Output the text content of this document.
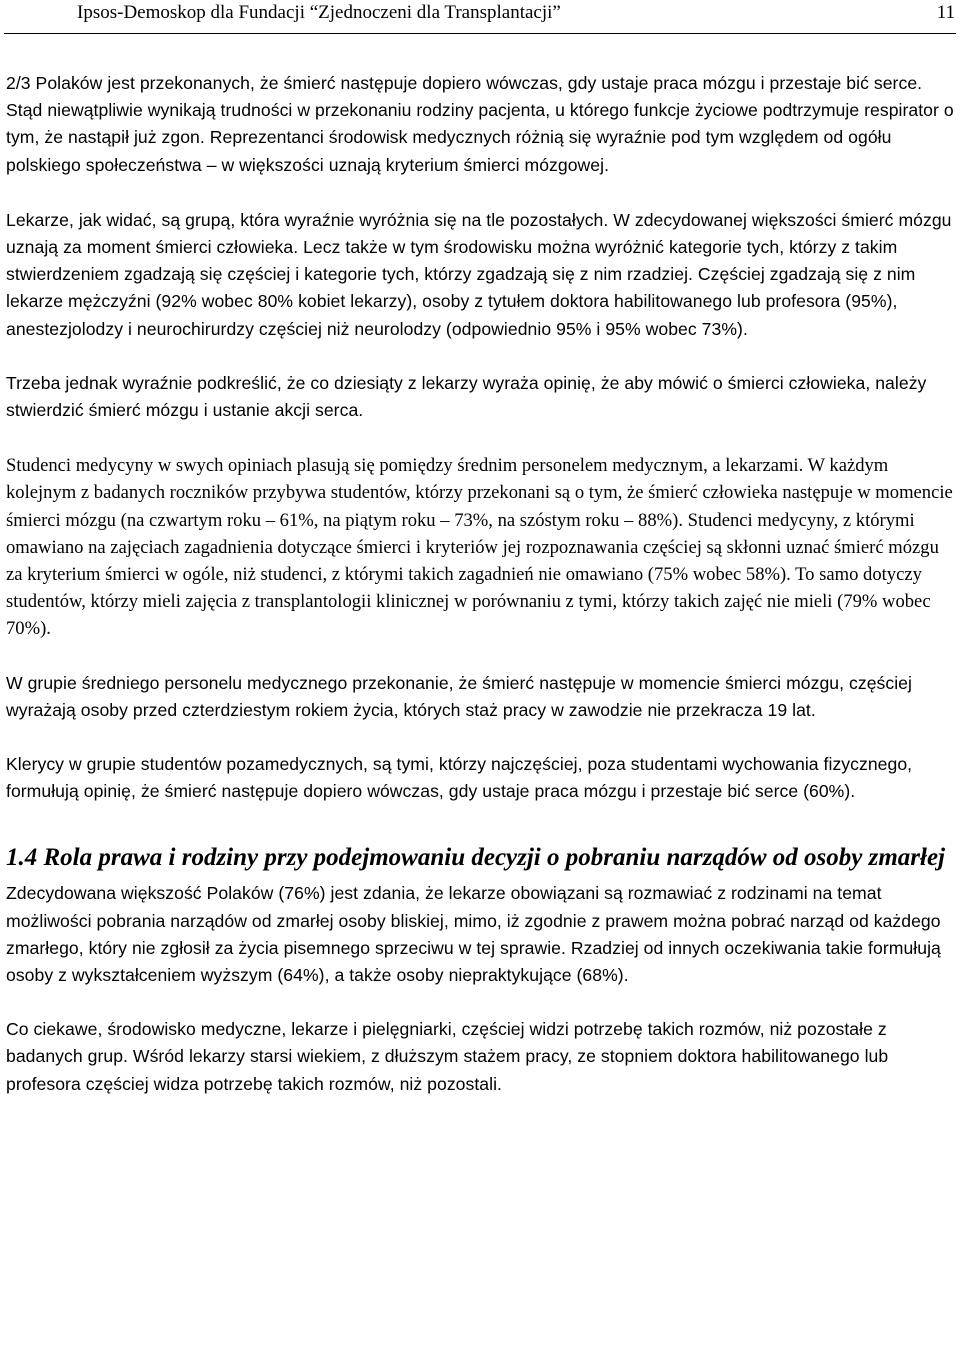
Ipsos-Demoskop dla Fundacji “Zjednoczeni dla Transplantacji”	11

2/3 Polaków jest przekonanych, że śmierć następuje dopiero wówczas, gdy ustaje praca mózgu i przestaje bić serce. Stąd niewątpliwie wynikają trudności w przekonaniu rodziny pacjenta, u którego funkcje życiowe podtrzymuje respirator o tym, że nastąpił już zgon. Reprezentanci środowisk medycznych różnią się wyraźnie pod tym względem od ogółu polskiego społeczeństwa – w większości uznają kryterium śmierci mózgowej.

Lekarze, jak widać, są grupą, która wyraźnie wyróżnia się na tle pozostałych. W zdecydowanej większości śmierć mózgu uznają za moment śmierci człowieka. Lecz także w tym środowisku można wyróżnić kategorie tych, którzy z takim stwierdzeniem zgadzają się częściej i kategorie tych, którzy zgadzają się z nim rzadziej. Częściej zgadzają się z nim lekarze mężczyźni (92% wobec 80% kobiet lekarzy), osoby z tytułem doktora habilitowanego lub profesora (95%), anestezjolodzy i neurochirurdzy częściej niż neurolodzy (odpowiednio 95% i 95% wobec 73%).

Trzeba jednak wyraźnie podkreślić, że co dziesiąty z lekarzy wyraża opinię, że aby mówić o śmierci człowieka, należy stwierdzić śmierć mózgu i ustanie akcji serca.

Studenci medycyny w swych opiniach plasują się pomiędzy średnim personelem medycznym, a lekarzami. W każdym kolejnym z badanych roczników przybywa studentów, którzy przekonani są o tym, że śmierć człowieka następuje w momencie śmierci mózgu (na czwartym roku – 61%, na piątym roku – 73%, na szóstym roku – 88%). Studenci medycyny, z którymi omawiano na zajęciach zagadnienia dotyczące śmierci i kryteriów jej rozpoznawania częściej są skłonni uznać śmierć mózgu za kryterium śmierci w ogóle, niż studenci, z którymi takich zagadnień nie omawiano (75% wobec 58%). To samo dotyczy studentów, którzy mieli zajęcia z transplantologii klinicznej w porównaniu z tymi, którzy takich zajęć nie mieli (79% wobec 70%).

W grupie średniego personelu medycznego przekonanie, że śmierć następuje w momencie śmierci mózgu, częściej wyrażają osoby przed czterdziestym rokiem życia, których staż pracy w zawodzie nie przekracza 19 lat.

Klerycy w grupie studentów pozamedycznych, są tymi, którzy najczęściej, poza studentami wychowania fizycznego, formułują opinię, że śmierć następuje dopiero wówczas, gdy ustaje praca mózgu i przestaje bić serce (60%).

1.4 Rola prawa i rodziny przy podejmowaniu decyzji o pobraniu narządów od osoby zmarłej

Zdecydowana większość Polaków (76%) jest zdania, że lekarze obowiązani są rozmawiać z rodzinami na temat możliwości pobrania narządów od zmarłej osoby bliskiej, mimo, iż zgodnie z prawem można pobrać narząd od każdego zmarłego, który nie zgłosił za życia pisemnego sprzeciwu w tej sprawie. Rzadziej od innych oczekiwania takie formułują osoby z wykształceniem wyższym (64%), a także osoby niepraktykujące (68%).

Co ciekawe, środowisko medyczne, lekarze i pielęgniarki, częściej widzi potrzebę takich rozmów, niż pozostałe z badanych grup. Wśród lekarzy starsi wiekiem, z dłuższym stażem pracy, ze stopniem doktora habilitowanego lub profesora częściej widza potrzebę takich rozmów, niż pozostali.
